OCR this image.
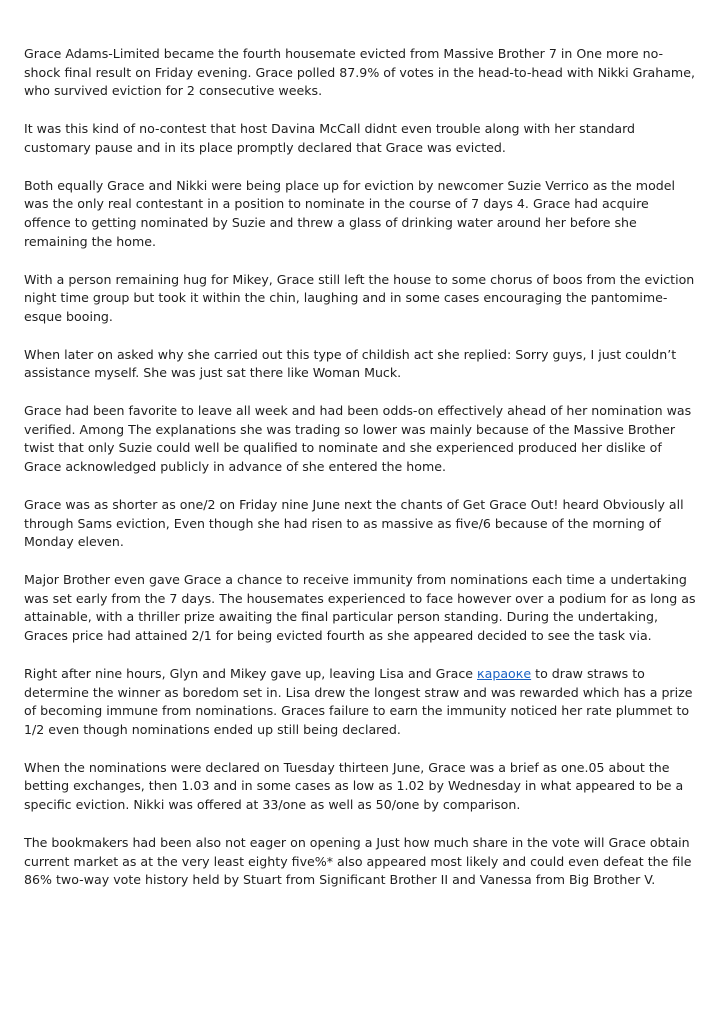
Grace Adams-Limited became the fourth housemate evicted from Massive Brother 7 in One more no-shock final result on Friday evening. Grace polled 87.9% of votes in the head-to-head with Nikki Grahame, who survived eviction for 2 consecutive weeks.

It was this kind of no-contest that host Davina McCall didnt even trouble along with her standard customary pause and in its place promptly declared that Grace was evicted.

Both equally Grace and Nikki were being place up for eviction by newcomer Suzie Verrico as the model was the only real contestant in a position to nominate in the course of 7 days 4. Grace had acquire offence to getting nominated by Suzie and threw a glass of drinking water around her before she remaining the home.

With a person remaining hug for Mikey, Grace still left the house to some chorus of boos from the eviction night time group but took it within the chin, laughing and in some cases encouraging the pantomime-esque booing.

When later on asked why she carried out this type of childish act she replied: Sorry guys, I just couldn’t assistance myself. She was just sat there like Woman Muck.

Grace had been favorite to leave all week and had been odds-on effectively ahead of her nomination was verified. Among The explanations she was trading so lower was mainly because of the Massive Brother twist that only Suzie could well be qualified to nominate and she experienced produced her dislike of Grace acknowledged publicly in advance of she entered the home.

Grace was as shorter as one/2 on Friday nine June next the chants of Get Grace Out! heard Obviously all through Sams eviction, Even though she had risen to as massive as five/6 because of the morning of Monday eleven.

Major Brother even gave Grace a chance to receive immunity from nominations each time a undertaking was set early from the 7 days. The housemates experienced to face however over a podium for as long as attainable, with a thriller prize awaiting the final particular person standing. During the undertaking, Graces price had attained 2/1 for being evicted fourth as she appeared decided to see the task via.

Right after nine hours, Glyn and Mikey gave up, leaving Lisa and Grace караоке to draw straws to determine the winner as boredom set in. Lisa drew the longest straw and was rewarded which has a prize of becoming immune from nominations. Graces failure to earn the immunity noticed her rate plummet to 1/2 even though nominations ended up still being declared.

When the nominations were declared on Tuesday thirteen June, Grace was a brief as one.05 about the betting exchanges, then 1.03 and in some cases as low as 1.02 by Wednesday in what appeared to be a specific eviction. Nikki was offered at 33/one as well as 50/one by comparison.

The bookmakers had been also not eager on opening a Just how much share in the vote will Grace obtain current market as at the very least eighty five%* also appeared most likely and could even defeat the file 86% two-way vote history held by Stuart from Significant Brother II and Vanessa from Big Brother V.
